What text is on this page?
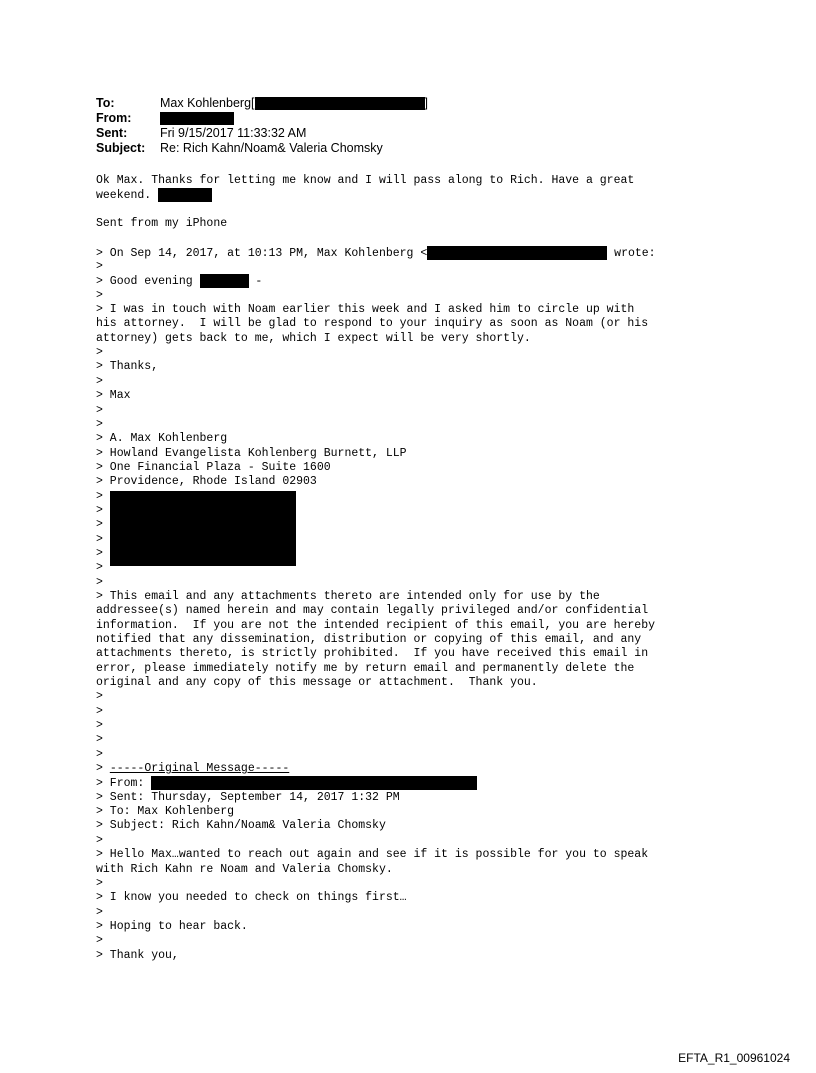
To:	Max Kohlenberg[	]
From:
Sent:	Fri 9/15/2017 11:33:32 AM
Subject:	Re: Rich Kahn/Noam& Valeria Chomsky
Ok Max. Thanks for letting me know and I will pass along to Rich. Have a great
weekend.
Sent from my iPhone
> On Sep 14, 2017, at 10:13 PM, Max Kohlenberg <	wrote:
>
> Good evening	-
>
> I was in touch with Noam earlier this week and I asked him to circle up with
his attorney.  I will be glad to respond to your inquiry as soon as Noam (or his
attorney) gets back to me, which I expect will be very shortly.
>
> Thanks,
>
> Max
>
>
> A. Max Kohlenberg
> Howland Evangelista Kohlenberg Burnett, LLP
> One Financial Plaza - Suite 1600
> Providence, Rhode Island 02903
>
>
>
>
>
>
>
> This email and any attachments thereto are intended only for use by the
addressee(s) named herein and may contain legally privileged and/or confidential
information.  If you are not the intended recipient of this email, you are hereby
notified that any dissemination, distribution or copying of this email, and any
attachments thereto, is strictly prohibited.  If you have received this email in
error, please immediately notify me by return email and permanently delete the
original and any copy of this message or attachment.  Thank you.
>
>
>
>
>
> -----Original Message-----
> From:
> Sent: Thursday, September 14, 2017 1:32 PM
> To: Max Kohlenberg
> Subject: Rich Kahn/Noam& Valeria Chomsky
>
> Hello Max…wanted to reach out again and see if it is possible for you to speak
with Rich Kahn re Noam and Valeria Chomsky.
>
> I know you needed to check on things first…
>
> Hoping to hear back.
>
> Thank you,
EFTA_R1_00961024
